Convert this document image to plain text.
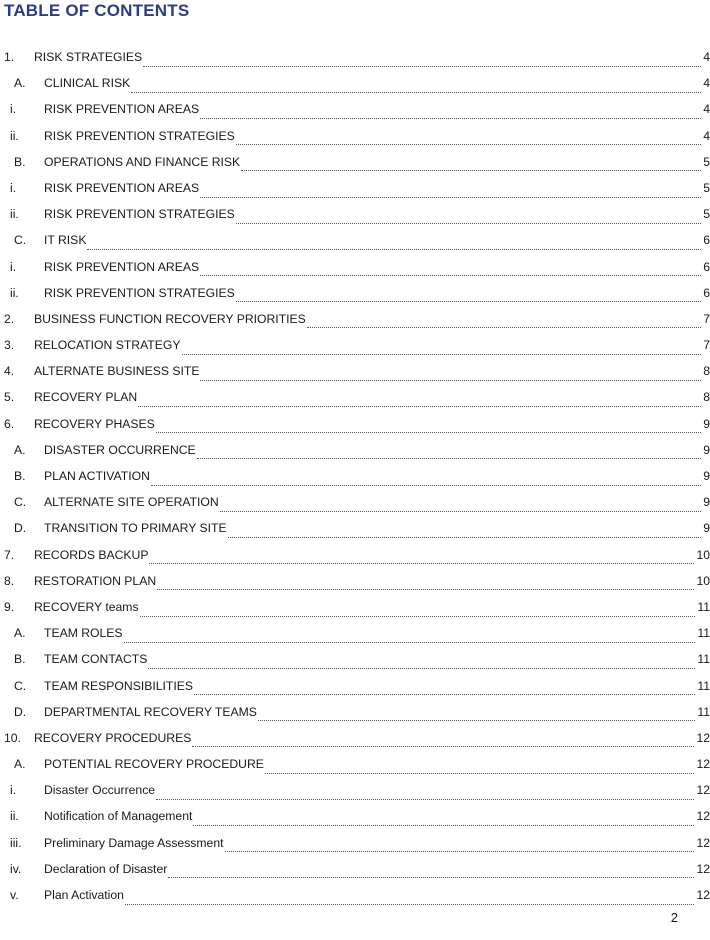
TABLE OF CONTENTS
1. RISK STRATEGIES	4
A. CLINICAL RISK	4
i. RISK PREVENTION AREAS	4
ii. RISK PREVENTION STRATEGIES	4
B. OPERATIONS AND FINANCE RISK	5
i. RISK PREVENTION AREAS	5
ii. RISK PREVENTION STRATEGIES	5
C. IT RISK	6
i. RISK PREVENTION AREAS	6
ii. RISK PREVENTION STRATEGIES	6
2. BUSINESS FUNCTION RECOVERY PRIORITIES	7
3. RELOCATION STRATEGY	7
4. ALTERNATE BUSINESS SITE	8
5. RECOVERY PLAN	8
6. RECOVERY PHASES	9
A. DISASTER OCCURRENCE	9
B. PLAN ACTIVATION	9
C. ALTERNATE SITE OPERATION	9
D. TRANSITION TO PRIMARY SITE	9
7. RECORDS BACKUP	10
8. RESTORATION PLAN	10
9. RECOVERY teams	11
A. TEAM ROLES	11
B. TEAM CONTACTS	11
C. TEAM RESPONSIBILITIES	11
D. DEPARTMENTAL RECOVERY TEAMS	11
10. RECOVERY PROCEDURES	12
A. POTENTIAL RECOVERY PROCEDURE	12
i. Disaster Occurrence	12
ii. Notification of Management	12
iii. Preliminary Damage Assessment	12
iv. Declaration of Disaster	12
v. Plan Activation	12
2
